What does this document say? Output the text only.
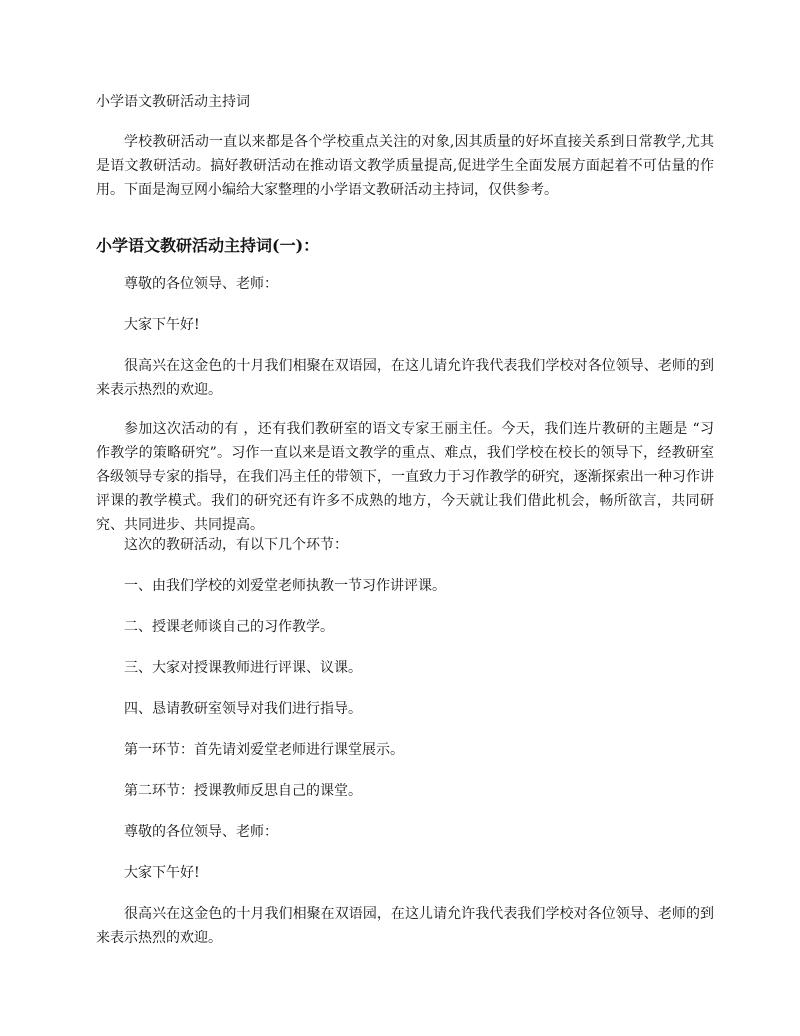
小学语文教研活动主持词

学校教研活动一直以来都是各个学校重点关注的对象,因其质量的好坏直接关系到日常教学,尤其是语文教研活动。搞好教研活动在推动语文教学质量提高,促进学生全面发展方面起着不可估量的作用。下面是淘豆网小编给大家整理的小学语文教研活动主持词，仅供参考。

小学语文教研活动主持词(一)：

尊敬的各位领导、老师：

大家下午好!

很高兴在这金色的十月我们相聚在双语园，在这儿请允许我代表我们学校对各位领导、老师的到来表示热烈的欢迎。

参加这次活动的有 ，还有我们教研室的语文专家王丽主任。今天，我们连片教研的主题是 “习作教学的策略研究”。习作一直以来是语文教学的重点、难点，我们学校在校长的领导下，经教研室各级领导专家的指导，在我们冯主任的带领下，一直致力于习作教学的研究，逐渐探索出一种习作讲评课的教学模式。我们的研究还有许多不成熟的地方，今天就让我们借此机会，畅所欲言，共同研究、共同进步、共同提高。

这次的教研活动，有以下几个环节：

一、由我们学校的刘爱堂老师执教一节习作讲评课。

二、授课老师谈自己的习作教学。

三、大家对授课教师进行评课、议课。

四、恳请教研室领导对我们进行指导。

第一环节：首先请刘爱堂老师进行课堂展示。

第二环节：授课教师反思自己的课堂。

尊敬的各位领导、老师：

大家下午好!

很高兴在这金色的十月我们相聚在双语园，在这儿请允许我代表我们学校对各位领导、老师的到来表示热烈的欢迎。
